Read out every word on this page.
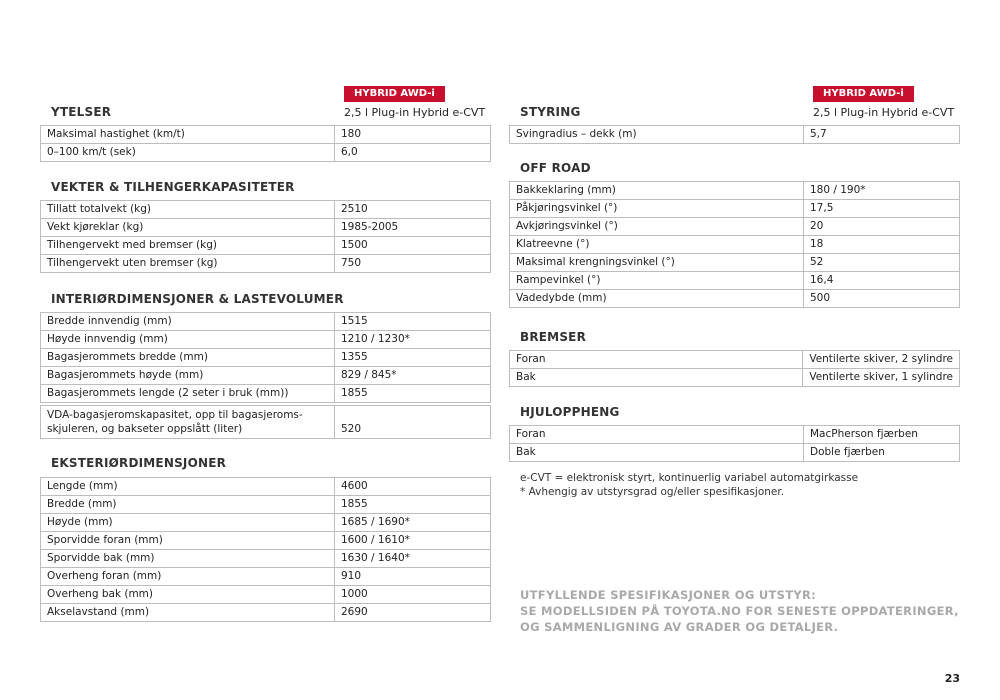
HYBRID AWD-i
YTELSER	2,5 l Plug-in Hybrid e-CVT
Maksimal hastighet (km/t)	180
0–100 km/t (sek)	6,0
VEKTER & TILHENGERKAPASITETER
Tillatt totalvekt (kg)	2510
Vekt kjøreklar (kg)	1985-2005
Tilhengervekt med bremser (kg)	1500
Tilhengervekt uten bremser (kg)	750
INTERIØRDIMENSJONER & LASTEVOLUMER
Bredde innvendig (mm)	1515
Høyde innvendig (mm)	1210 / 1230*
Bagasjerommets bredde (mm)	1355
Bagasjerommets høyde (mm)	829 / 845*
Bagasjerommets lengde (2 seter i bruk (mm))	1855
VDA-bagasjeromskapasitet, opp til bagasjeroms-skjuleren, og bakseter oppslått (liter)	520
EKSTERIØRDIMENSJONER
Lengde (mm)	4600
Bredde (mm)	1855
Høyde (mm)	1685 / 1690*
Sporvidde foran (mm)	1600 / 1610*
Sporvidde bak (mm)	1630 / 1640*
Overheng foran (mm)	910
Overheng bak (mm)	1000
Akselavstand (mm)	2690
HYBRID AWD-i
STYRING	2,5 l Plug-in Hybrid e-CVT
Svingradius – dekk (m)	5,7
OFF ROAD
Bakkeklaring (mm)	180 / 190*
Påkjøringsvinkel (°)	17,5
Avkjøringsvinkel (°)	20
Klatreevne (°)	18
Maksimal krengningsvinkel (°)	52
Rampevinkel (°)	16,4
Vadedybde (mm)	500
BREMSER
Foran	Ventilerte skiver, 2 sylindre
Bak	Ventilerte skiver, 1 sylindre
HJULOPPHENG
Foran	MacPherson fjærben
Bak	Doble fjærben
e-CVT = elektronisk styrt, kontinuerlig variabel automatgirkasse
* Avhengig av utstyrsgrad og/eller spesifikasjoner.
UTFYLLENDE SPESIFIKASJONER OG UTSTYR:
SE MODELLSIDEN PÅ TOYOTA.NO FOR SENESTE OPPDATERINGER,
OG SAMMENLIGNING AV GRADER OG DETALJER.
23
